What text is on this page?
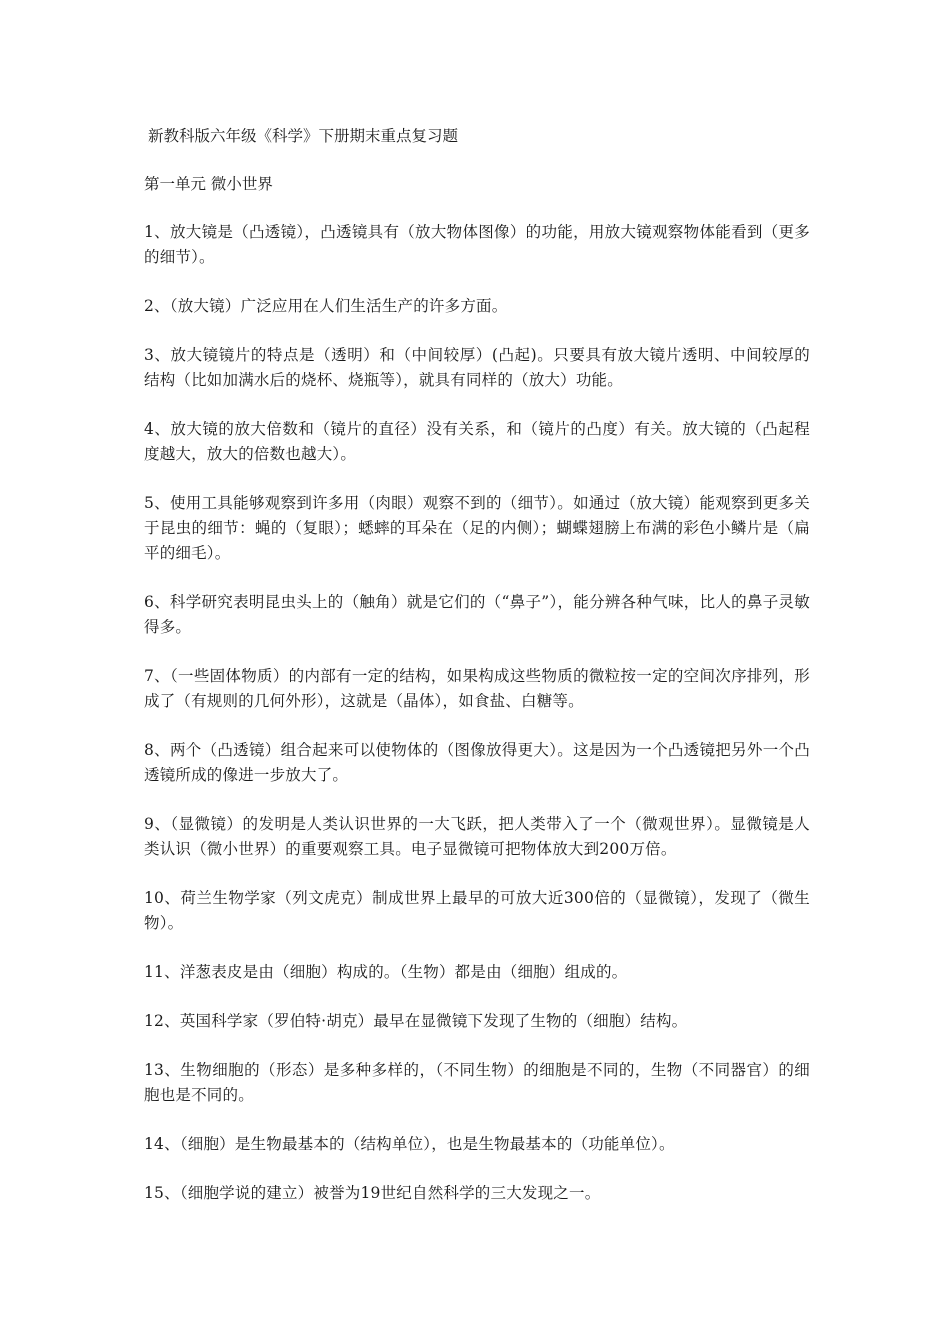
新教科版六年级《科学》下册期末重点复习题
第一单元 微小世界

1、放大镜是（凸透镜），凸透镜具有（放大物体图像）的功能，用放大镜观察物体能看到（更多的细节）。

2、（放大镜）广泛应用在人们生活生产的许多方面。

3、放大镜镜片的特点是（透明）和（中间较厚）(凸起)。只要具有放大镜片透明、中间较厚的结构（比如加满水后的烧杯、烧瓶等），就具有同样的（放大）功能。

4、放大镜的放大倍数和（镜片的直径）没有关系，和（镜片的凸度）有关。放大镜的（凸起程度越大，放大的倍数也越大）。

5、使用工具能够观察到许多用（肉眼）观察不到的（细节）。如通过（放大镜）能观察到更多关于昆虫的细节：蝇的（复眼）；蟋蟀的耳朵在（足的内侧）；蝴蝶翅膀上布满的彩色小鳞片是（扁平的细毛）。

6、科学研究表明昆虫头上的（触角）就是它们的（“鼻子”），能分辨各种气味，比人的鼻子灵敏得多。

7、（一些固体物质）的内部有一定的结构，如果构成这些物质的微粒按一定的空间次序排列，形成了（有规则的几何外形），这就是（晶体），如食盐、白糖等。

8、两个（凸透镜）组合起来可以使物体的（图像放得更大）。这是因为一个凸透镜把另外一个凸透镜所成的像进一步放大了。

9、（显微镜）的发明是人类认识世界的一大飞跃，把人类带入了一个（微观世界）。显微镜是人类认识（微小世界）的重要观察工具。电子显微镜可把物体放大到200万倍。

10、荷兰生物学家（列文虎克）制成世界上最早的可放大近300倍的（显微镜），发现了（微生物）。

11、洋葱表皮是由（细胞）构成的。（生物）都是由（细胞）组成的。

12、英国科学家（罗伯特·胡克）最早在显微镜下发现了生物的（细胞）结构。

13、生物细胞的（形态）是多种多样的，（不同生物）的细胞是不同的，生物（不同器官）的细胞也是不同的。

14、（细胞）是生物最基本的（结构单位），也是生物最基本的（功能单位）。

15、（细胞学说的建立）被誉为19世纪自然科学的三大发现之一。
